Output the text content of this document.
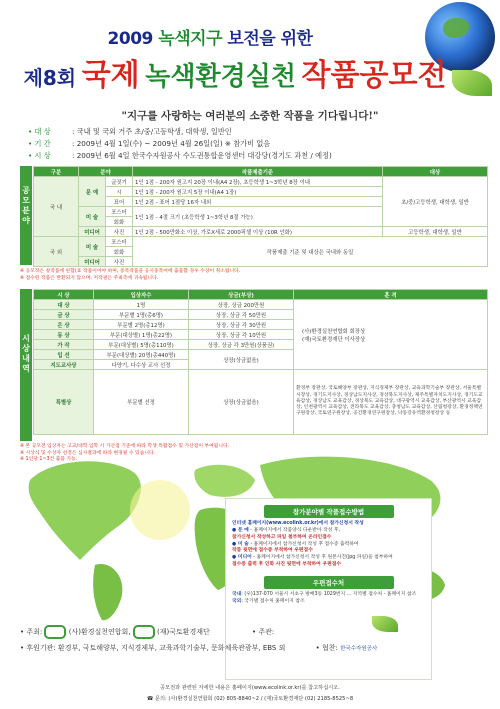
2009 녹색지구 보전을 위한
제8회 국제 녹색환경실천 작품공모전
"지구를 사랑하는 여러분의 소중한 작품을 기다립니다!"
• 대 상	: 국내 및 국외 거주 초/중/고등학생, 대학생, 일반인
• 기 간	: 2009년 4월 1일(수) ~ 2009년 4월 26일(일) ※ 참가비 없음
• 시 상	: 2009년 6월 4일 한국수자원공사 수도권통합운영센터 대강당(경기도 과천 / 예정)
공모분야
구분	분야		작품제출기준	대상
국 내	문 예	글짓기	1인 1점 - 200자 원고지 20장 이내(A4 2장), 초등학생 1~3학년 8장 이내	초/중/고등학생, 대학생, 일반
		시	1인 1점 - 200자 원고지 5장 이내(A4 1장)	
		표어	1인 2점 - 표어 1점당 16자 내외	
	미 술	포스터	1인 1점 - 4절 크기 (초등학생 1~3학년 8절 가능)	
		회화		
	미디어	사진	1인 2점 - 500만화소 이상, 가로X세로 2000픽셀 이상 (10R 인화)	고등학생, 대학생, 일반
국 외	미 술	포스터	작품제출 기준 및 대상은 국내와 동일	
		회화		
	미디어	사진		
※ 응모작은 창작품에 한함(표 작품이어야 하며, 중복작품을 응시중복여에 출품할 경우 수상이 취소됩니다.
※ 접수된 작품은 반환되지 않으며, 저작권은 주최측에 귀속됩니다.
시상내역
시 상	입상자수	상금(부상)	훈 격
대 상	1명	상장, 상금 200만원	(사)환경실천연합회 회장상
(재)국토환경재단 이사장상
금 상	부문별 1명(총6명)	상장, 상금 각 50만원	
은 상	부문별 2명(총12명)	상장, 상금 각 30만원	
동 상	부문(대상별) 1명(총22명)	상장, 상금 각 10만원	
가 작	부문(대상별) 5명(총110명)	상장, 상금 각 3만원(상품권)	
입 선	부문(대상별) 20명(총440명)	상장(상금없음)	
지도교사상	다양기, 다수상 교사 선정		
특별상	부문별 선정	상장(상금없음)	환경부 장관상, 국토해양부 장관상, 지식경제부 장관상, 교육과학기술부 장관상, 서울특별시장상, 경기도지사상, 경상남도지사상, 경상북도지사상, 제주특별자치도지사상, 경기도교육감상, 경상남도 교육감상, 경상북도 교육감상, 대구광역시 교육감상, 부산광역시 교육감상, 인천광역시 교육감상, 전라북도 교육감상, 충청남도 교육감상, 산림청장상, 환경정책연구원장상, 국토연구원장상, 공간환경연구원장상, 낙동강유역환경청장상 등
※ 본 공모전 입상자는 고교/대학 입학 시 가산점 기준에 따라 학생 특활점수 및 가산점이 부여됩니다.
※ 시상식 및 수상자 선정은 심사결과에 따라 변경될 수 있습니다.
※ 1인당 1~3건 출품 가능.
참가분야별 작품접수방법

인터넷 홈페이지(www.ecolink.or.kr)에서 참가신청서 작성

● 문 예 - 홈페이지에서 작품양식 다운받아 작성 후,
참가신청서 작성하고 파일 첨부하여 온라인접수

● 미 술 - 홈페이지에서 참가신청서 작성 후 접수증 출력하여
작품 뒷면에 접수증 부착하여 우편접수

● 미디어 - 홈페이지에서 참가신청서 작성 후 원본사진(jpg 파일)을 첨부하여
접수증 출력 후 인화 사진 뒷면에 부착하여 우편접수

우편접수처

국내: (우)137-070 서울시 서초구 방배3동 1029번지 ... 지역별 접수처 - 홈페이지 참조

국외: 국가별 접수처 홈페이지 참조

• 주최:	(사)환경실천연합회,	(재)국토환경재단	• 주관:
• 후원기관: 환경부, 국토해양부, 지식경제부, 교육과학기술부, 문화체육관광부, EBS 외	• 협찬: 한국수자원공사
공모전과 관련된 자세한 내용은 홈페이지(www.ecolink.or.kr)를 참고하십시오.
☎ 문의: (사)환경실천연합회 (02) 805-8840~2 / (재)국토환경재단 (02) 2185-8525~8
